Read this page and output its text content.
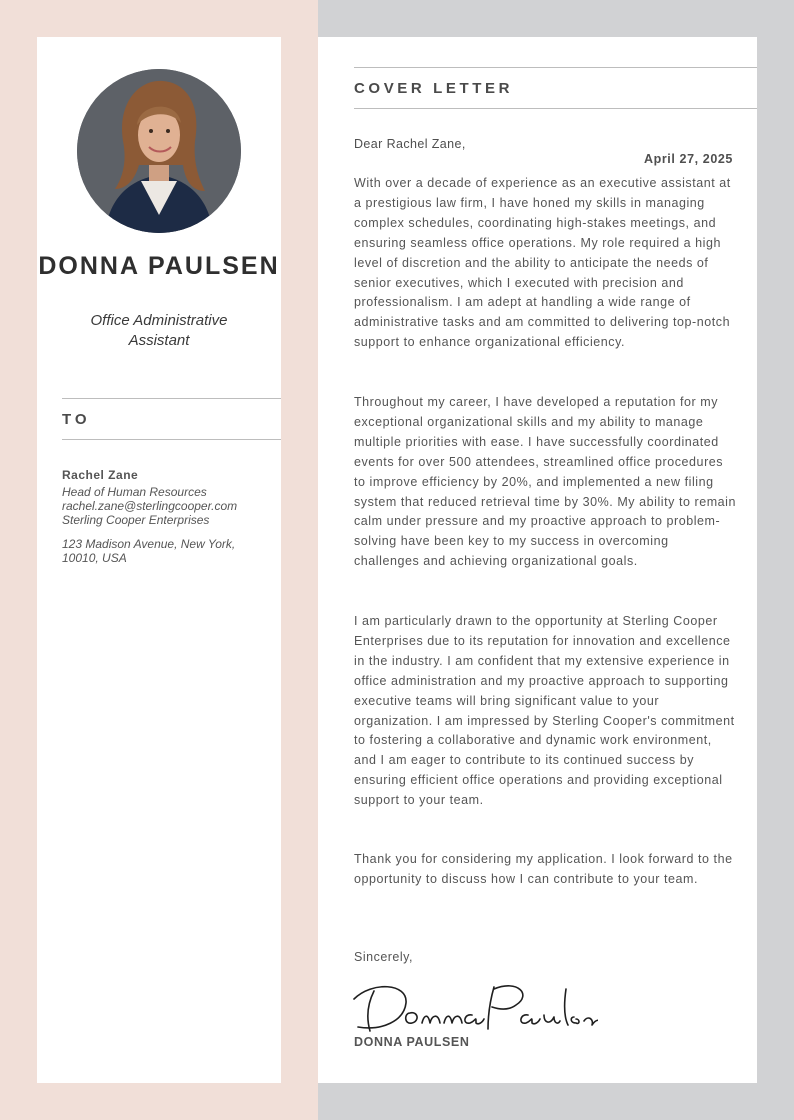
DONNA PAULSEN
Office Administrative Assistant
TO
Rachel Zane
Head of Human Resources
rachel.zane@sterlingcooper.com
Sterling Cooper Enterprises
123 Madison Avenue, New York, 10010, USA
COVER LETTER
Dear Rachel Zane,
April 27, 2025
With over a decade of experience as an executive assistant at a prestigious law firm, I have honed my skills in managing complex schedules, coordinating high-stakes meetings, and ensuring seamless office operations. My role required a high level of discretion and the ability to anticipate the needs of senior executives, which I executed with precision and professionalism. I am adept at handling a wide range of administrative tasks and am committed to delivering top-notch support to enhance organizational efficiency.
Throughout my career, I have developed a reputation for my exceptional organizational skills and my ability to manage multiple priorities with ease. I have successfully coordinated events for over 500 attendees, streamlined office procedures to improve efficiency by 20%, and implemented a new filing system that reduced retrieval time by 30%. My ability to remain calm under pressure and my proactive approach to problem-solving have been key to my success in overcoming challenges and achieving organizational goals.
I am particularly drawn to the opportunity at Sterling Cooper Enterprises due to its reputation for innovation and excellence in the industry. I am confident that my extensive experience in office administration and my proactive approach to supporting executive teams will bring significant value to your organization. I am impressed by Sterling Cooper's commitment to fostering a collaborative and dynamic work environment, and I am eager to contribute to its continued success by ensuring efficient office operations and providing exceptional support to your team.
Thank you for considering my application. I look forward to the opportunity to discuss how I can contribute to your team.
Sincerely,
DONNA PAULSEN
